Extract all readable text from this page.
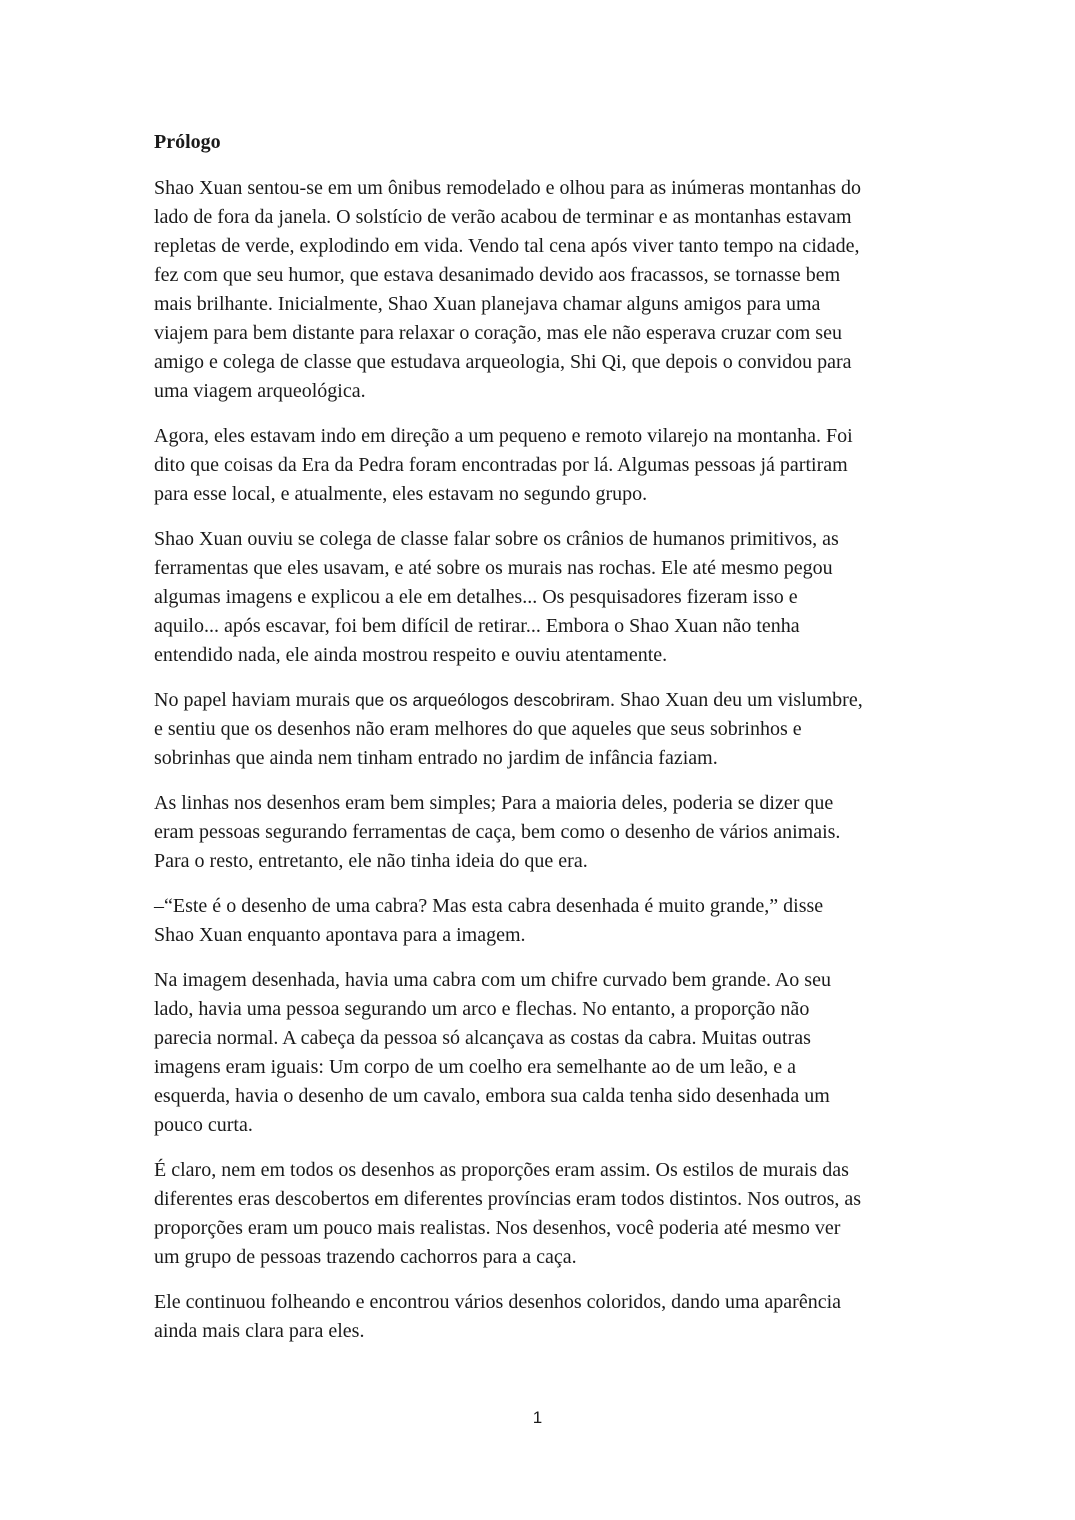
Prólogo

Shao Xuan sentou-se em um ônibus remodelado e olhou para as inúmeras montanhas do
lado de fora da janela. O solstício de verão acabou de terminar e as montanhas estavam
repletas de verde, explodindo em vida. Vendo tal cena após viver tanto tempo na cidade,
fez com que seu humor, que estava desanimado devido aos fracassos, se tornasse bem
mais brilhante. Inicialmente, Shao Xuan planejava chamar alguns amigos para uma
viajem para bem distante para relaxar o coração, mas ele não esperava cruzar com seu
amigo e colega de classe que estudava arqueologia, Shi Qi, que depois o convidou para
uma viagem arqueológica.

Agora, eles estavam indo em direção a um pequeno e remoto vilarejo na montanha. Foi
dito que coisas da Era da Pedra foram encontradas por lá. Algumas pessoas já partiram
para esse local, e atualmente, eles estavam no segundo grupo.

Shao Xuan ouviu se colega de classe falar sobre os crânios de humanos primitivos, as
ferramentas que eles usavam, e até sobre os murais nas rochas. Ele até mesmo pegou
algumas imagens e explicou a ele em detalhes... Os pesquisadores fizeram isso e
aquilo... após escavar, foi bem difícil de retirar... Embora o Shao Xuan não tenha
entendido nada, ele ainda mostrou respeito e ouviu atentamente.

No papel haviam murais que os arqueólogos descobriram. Shao Xuan deu um vislumbre,
e sentiu que os desenhos não eram melhores do que aqueles que seus sobrinhos e
sobrinhas que ainda nem tinham entrado no jardim de infância faziam.

As linhas nos desenhos eram bem simples; Para a maioria deles, poderia se dizer que
eram pessoas segurando ferramentas de caça, bem como o desenho de vários animais.
Para o resto, entretanto, ele não tinha ideia do que era.

–“Este é o desenho de uma cabra? Mas esta cabra desenhada é muito grande,” disse
Shao Xuan enquanto apontava para a imagem.

Na imagem desenhada, havia uma cabra com um chifre curvado bem grande. Ao seu
lado, havia uma pessoa segurando um arco e flechas. No entanto, a proporção não
parecia normal. A cabeça da pessoa só alcançava as costas da cabra. Muitas outras
imagens eram iguais: Um corpo de um coelho era semelhante ao de um leão, e a
esquerda, havia o desenho de um cavalo, embora sua calda tenha sido desenhada um
pouco curta.

É claro, nem em todos os desenhos as proporções eram assim. Os estilos de murais das
diferentes eras descobertos em diferentes províncias eram todos distintos. Nos outros, as
proporções eram um pouco mais realistas. Nos desenhos, você poderia até mesmo ver
um grupo de pessoas trazendo cachorros para a caça.

Ele continuou folheando e encontrou vários desenhos coloridos, dando uma aparência
ainda mais clara para eles.

1
